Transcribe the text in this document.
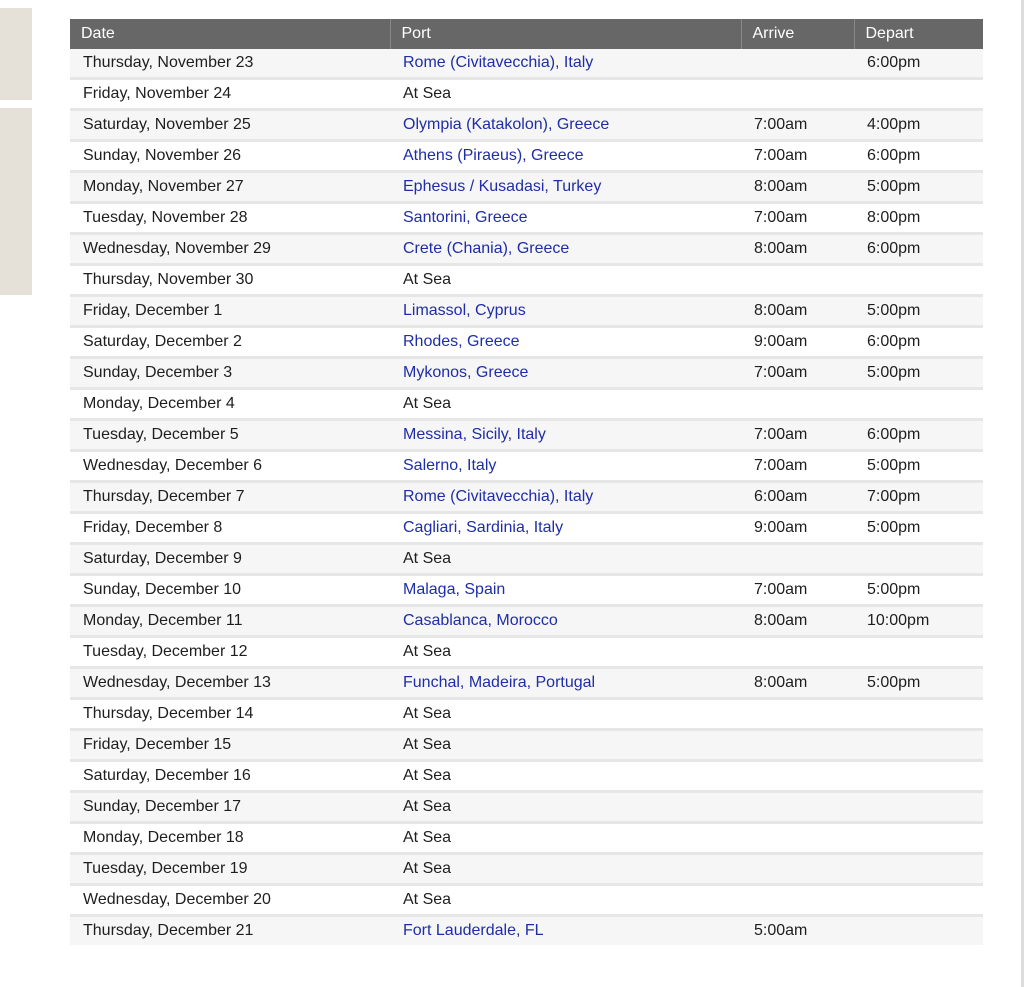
Date	Port	Arrive	Depart
Thursday, November 23	Rome (Civitavecchia), Italy		6:00pm
Friday, November 24	At Sea		
Saturday, November 25	Olympia (Katakolon), Greece	7:00am	4:00pm
Sunday, November 26	Athens (Piraeus), Greece	7:00am	6:00pm
Monday, November 27	Ephesus / Kusadasi, Turkey	8:00am	5:00pm
Tuesday, November 28	Santorini, Greece	7:00am	8:00pm
Wednesday, November 29	Crete (Chania), Greece	8:00am	6:00pm
Thursday, November 30	At Sea		
Friday, December 1	Limassol, Cyprus	8:00am	5:00pm
Saturday, December 2	Rhodes, Greece	9:00am	6:00pm
Sunday, December 3	Mykonos, Greece	7:00am	5:00pm
Monday, December 4	At Sea		
Tuesday, December 5	Messina, Sicily, Italy	7:00am	6:00pm
Wednesday, December 6	Salerno, Italy	7:00am	5:00pm
Thursday, December 7	Rome (Civitavecchia), Italy	6:00am	7:00pm
Friday, December 8	Cagliari, Sardinia, Italy	9:00am	5:00pm
Saturday, December 9	At Sea		
Sunday, December 10	Malaga, Spain	7:00am	5:00pm
Monday, December 11	Casablanca, Morocco	8:00am	10:00pm
Tuesday, December 12	At Sea		
Wednesday, December 13	Funchal, Madeira, Portugal	8:00am	5:00pm
Thursday, December 14	At Sea		
Friday, December 15	At Sea		
Saturday, December 16	At Sea		
Sunday, December 17	At Sea		
Monday, December 18	At Sea		
Tuesday, December 19	At Sea		
Wednesday, December 20	At Sea		
Thursday, December 21	Fort Lauderdale, FL	5:00am	
